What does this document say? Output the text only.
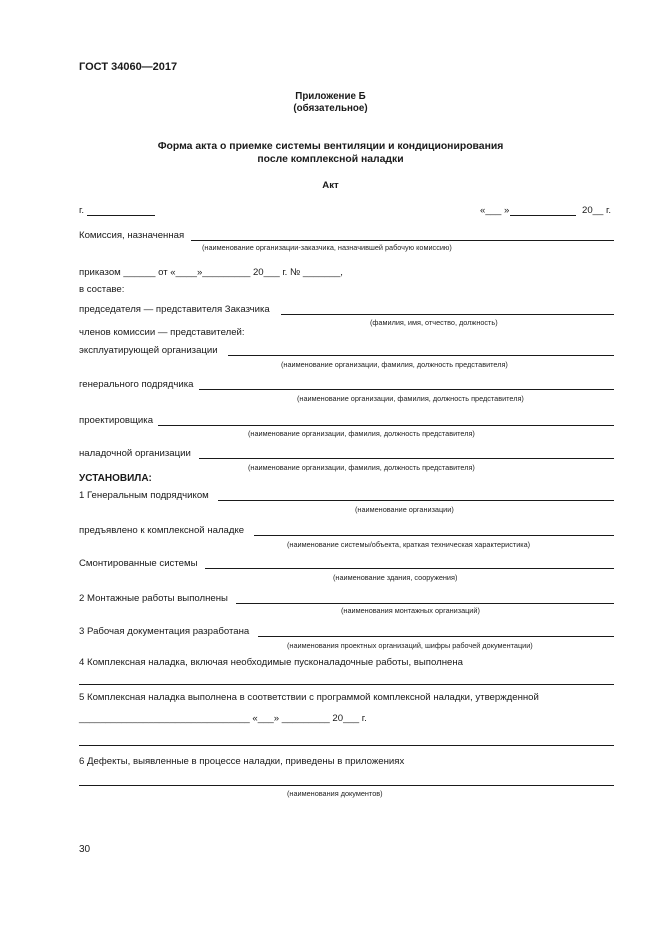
ГОСТ 34060—2017
Приложение Б
(обязательное)
Форма акта о приемке системы вентиляции и кондиционирования
после комплексной наладки
Акт
г.	«___ »	20__ г.
Комиссия, назначенная
(наименование организации-заказчика, назначившей рабочую комиссию)
приказом ______ от «____»_________ 20___ г. № _______,
в составе:
председателя — представителя Заказчика
(фамилия, имя, отчество, должность)
членов комиссии — представителей:
эксплуатирующей организации
(наименование организации, фамилия, должность представителя)
генерального подрядчика
(наименование организации, фамилия, должность представителя)
проектировщика
(наименование организации, фамилия, должность представителя)
наладочной организации
(наименование организации, фамилия, должность представителя)
УСТАНОВИЛА:
1 Генеральным подрядчиком
(наименование организации)
предъявлено к комплексной наладке
(наименование системы/объекта, краткая техническая характеристика)
Смонтированные системы
(наименование здания, сооружения)
2 Монтажные работы выполнены
(наименования монтажных организаций)
3 Рабочая документация разработана
(наименования проектных организаций, шифры рабочей документации)
4 Комплексная наладка, включая необходимые пусконаладочные работы, выполнена
5 Комплексная наладка выполнена в соответствии с программой комплексной наладки, утвержденной
________________________________ «___» _________ 20___ г.
6 Дефекты, выявленные в процессе наладки, приведены в приложениях
(наименования документов)
30
